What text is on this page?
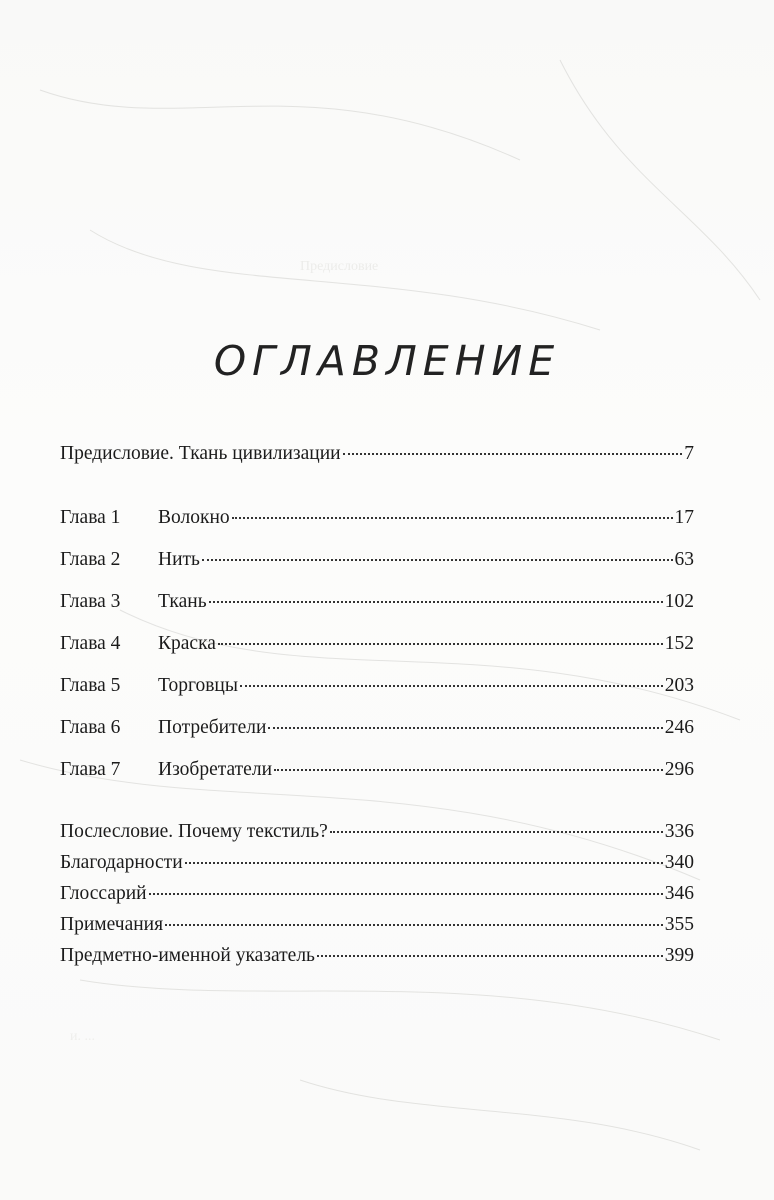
Предисловие
и. ...
ОГЛАВЛЕНИЕ
Предисловие. Ткань цивилизации	7
Глава 1	Волокно	17
Глава 2	Нить	63
Глава 3	Ткань	102
Глава 4	Краска	152
Глава 5	Торговцы	203
Глава 6	Потребители	246
Глава 7	Изобретатели	296
Послесловие. Почему текстиль?	336
Благодарности	340
Глоссарий	346
Примечания	355
Предметно-именной указатель	399
